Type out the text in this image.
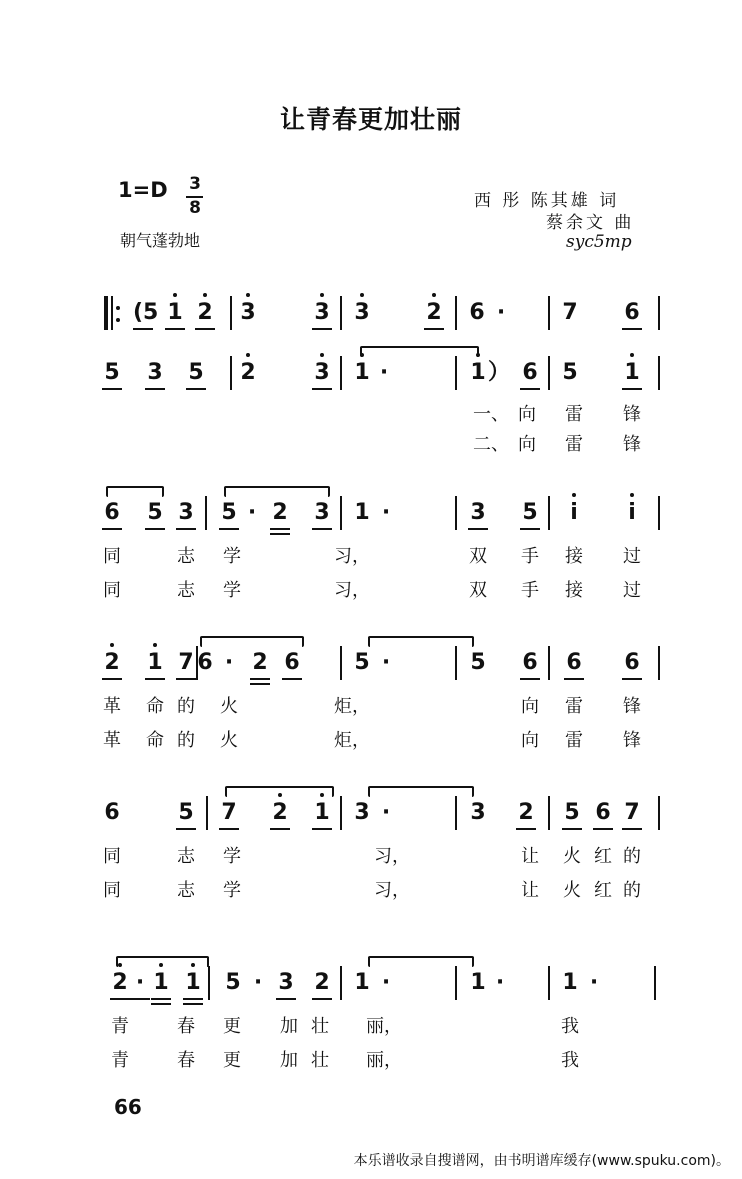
让青春更加壮丽
1=D 3
8	西 彤 陈其雄 词
蔡余文 曲
朝气蓬勃地	syc5mp
(5 1 2 3	3 3	2 6 ·	7 6
5 3 5 2	3 1 ·	1 ） 6 5 1
一、 向 雷 锋
二、 向 雷 锋
6 5 3 5 · 2 3 1 ·	3 5 i i
同	志 学	习，	双 手 接 过
同	志 学	习，	双 手 接 过
2 1 7 6 · 2 6 5 ·	5 6 6 6
革 命 的 火	炬，	向 雷 锋
革 命 的 火	炬，	向 雷 锋
6	5 7 2 1 3 ·	3 2 5 6 7
同	志 学	习，	让 火 红 的
同	志 学	习，	让 火 红 的
2 · 1 1 5 · 3 2 1 ·	1 ·	1 ·
青	春 更 加 壮 丽，	我
青	春 更 加 壮 丽，	我
66
本乐谱收录自搜谱网，由书明谱库缓存(www.spuku.com)。
